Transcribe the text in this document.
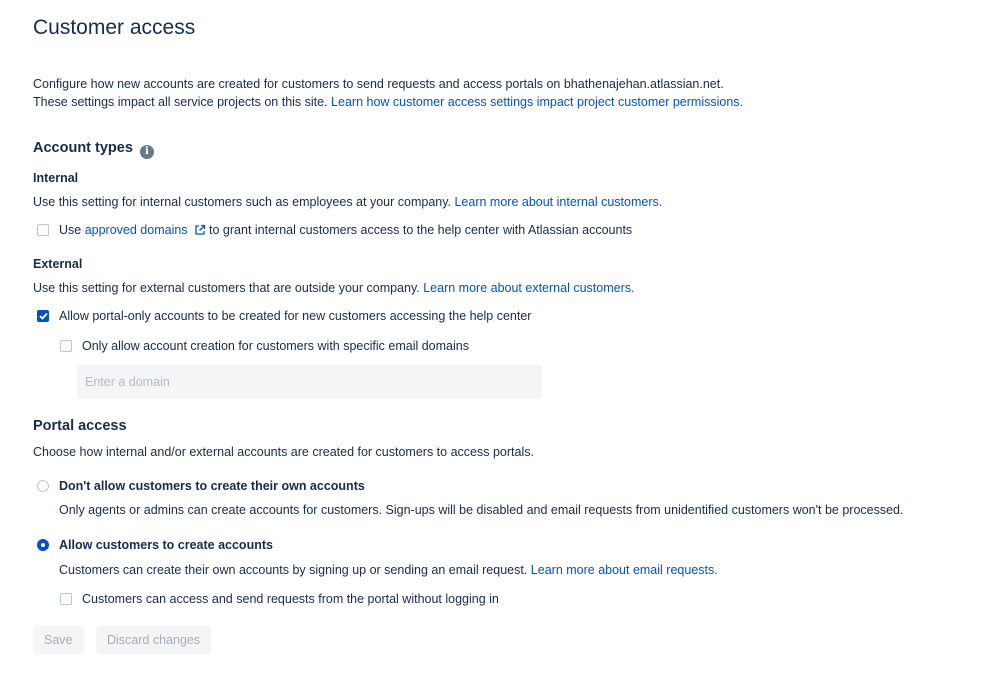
Customer access
Configure how new accounts are created for customers to send requests and access portals on bhathenajehan.atlassian.net.
These settings impact all service projects on this site. Learn how customer access settings impact project customer permissions.
Account types i
Internal
Use this setting for internal customers such as employees at your company. Learn more about internal customers.
Use approved domains to grant internal customers access to the help center with Atlassian accounts
External
Use this setting for external customers that are outside your company. Learn more about external customers.
Allow portal-only accounts to be created for new customers accessing the help center
Only allow account creation for customers with specific email domains
Enter a domain
Portal access
Choose how internal and/or external accounts are created for customers to access portals.
Don't allow customers to create their own accounts
Only agents or admins can create accounts for customers. Sign-ups will be disabled and email requests from unidentified customers won't be processed.
Allow customers to create accounts
Customers can create their own accounts by signing up or sending an email request. Learn more about email requests.
Customers can access and send requests from the portal without logging in
Save	Discard changes
